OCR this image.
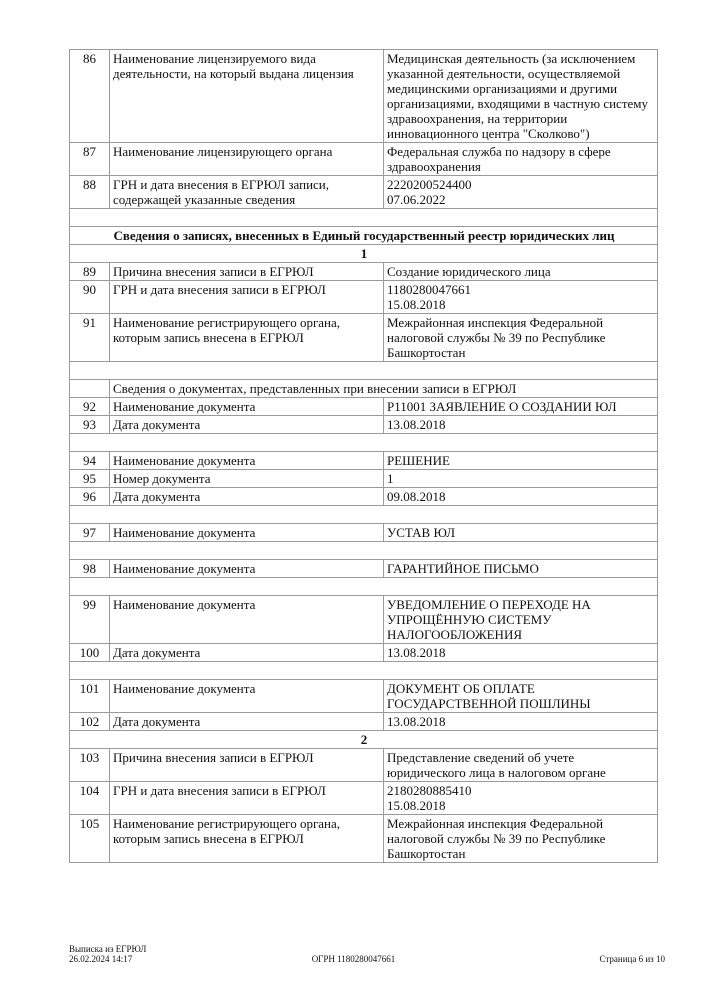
86	Наименование лицензируемого вида деятельности, на который выдана лицензия	Медицинская деятельность (за исключением указанной деятельности, осуществляемой медицинскими организациями и другими организациями, входящими в частную систему здравоохранения, на территории инновационного центра "Сколково")

87	Наименование лицензирующего органа	Федеральная служба по надзору в сфере здравоохранения

88	ГРН и дата внесения в ЕГРЮЛ записи, содержащей указанные сведения	2220200524400
07.06.2022

Сведения о записях, внесенных в Единый государственный реестр юридических лиц		
1		
89	Причина внесения записи в ЕГРЮЛ	Создание юридического лица

90	ГРН и дата внесения записи в ЕГРЮЛ	1180280047661
15.08.2018

91	Наименование регистрирующего органа, которым запись внесена в ЕГРЮЛ	Межрайонная инспекция Федеральной налоговой службы № 39 по Республике Башкортостан

	Сведения о документах, представленных при внесении записи в ЕГРЮЛ	
92	Наименование документа	Р11001 ЗАЯВЛЕНИЕ О СОЗДАНИИ ЮЛ

93	Дата документа	13.08.2018

94	Наименование документа	РЕШЕНИЕ

95	Номер документа	1

96	Дата документа	09.08.2018

97	Наименование документа	УСТАВ ЮЛ

98	Наименование документа	ГАРАНТИЙНОЕ ПИСЬМО

99	Наименование документа	УВЕДОМЛЕНИЕ О ПЕРЕХОДЕ НА УПРОЩЁННУЮ СИСТЕМУ НАЛОГООБЛОЖЕНИЯ

100	Дата документа	13.08.2018

101	Наименование документа	ДОКУМЕНТ ОБ ОПЛАТЕ ГОСУДАРСТВЕННОЙ ПОШЛИНЫ

102	Дата документа	13.08.2018

2		
103	Причина внесения записи в ЕГРЮЛ	Представление сведений об учете юридического лица в налоговом органе

104	ГРН и дата внесения записи в ЕГРЮЛ	2180280885410
15.08.2018

105	Наименование регистрирующего органа, которым запись внесена в ЕГРЮЛ	Межрайонная инспекция Федеральной налоговой службы № 39 по Республике Башкортостан
Выписка из ЕГРЮЛ
26.02.2024 14:17	ОГРН 1180280047661	Страница 6 из 10
